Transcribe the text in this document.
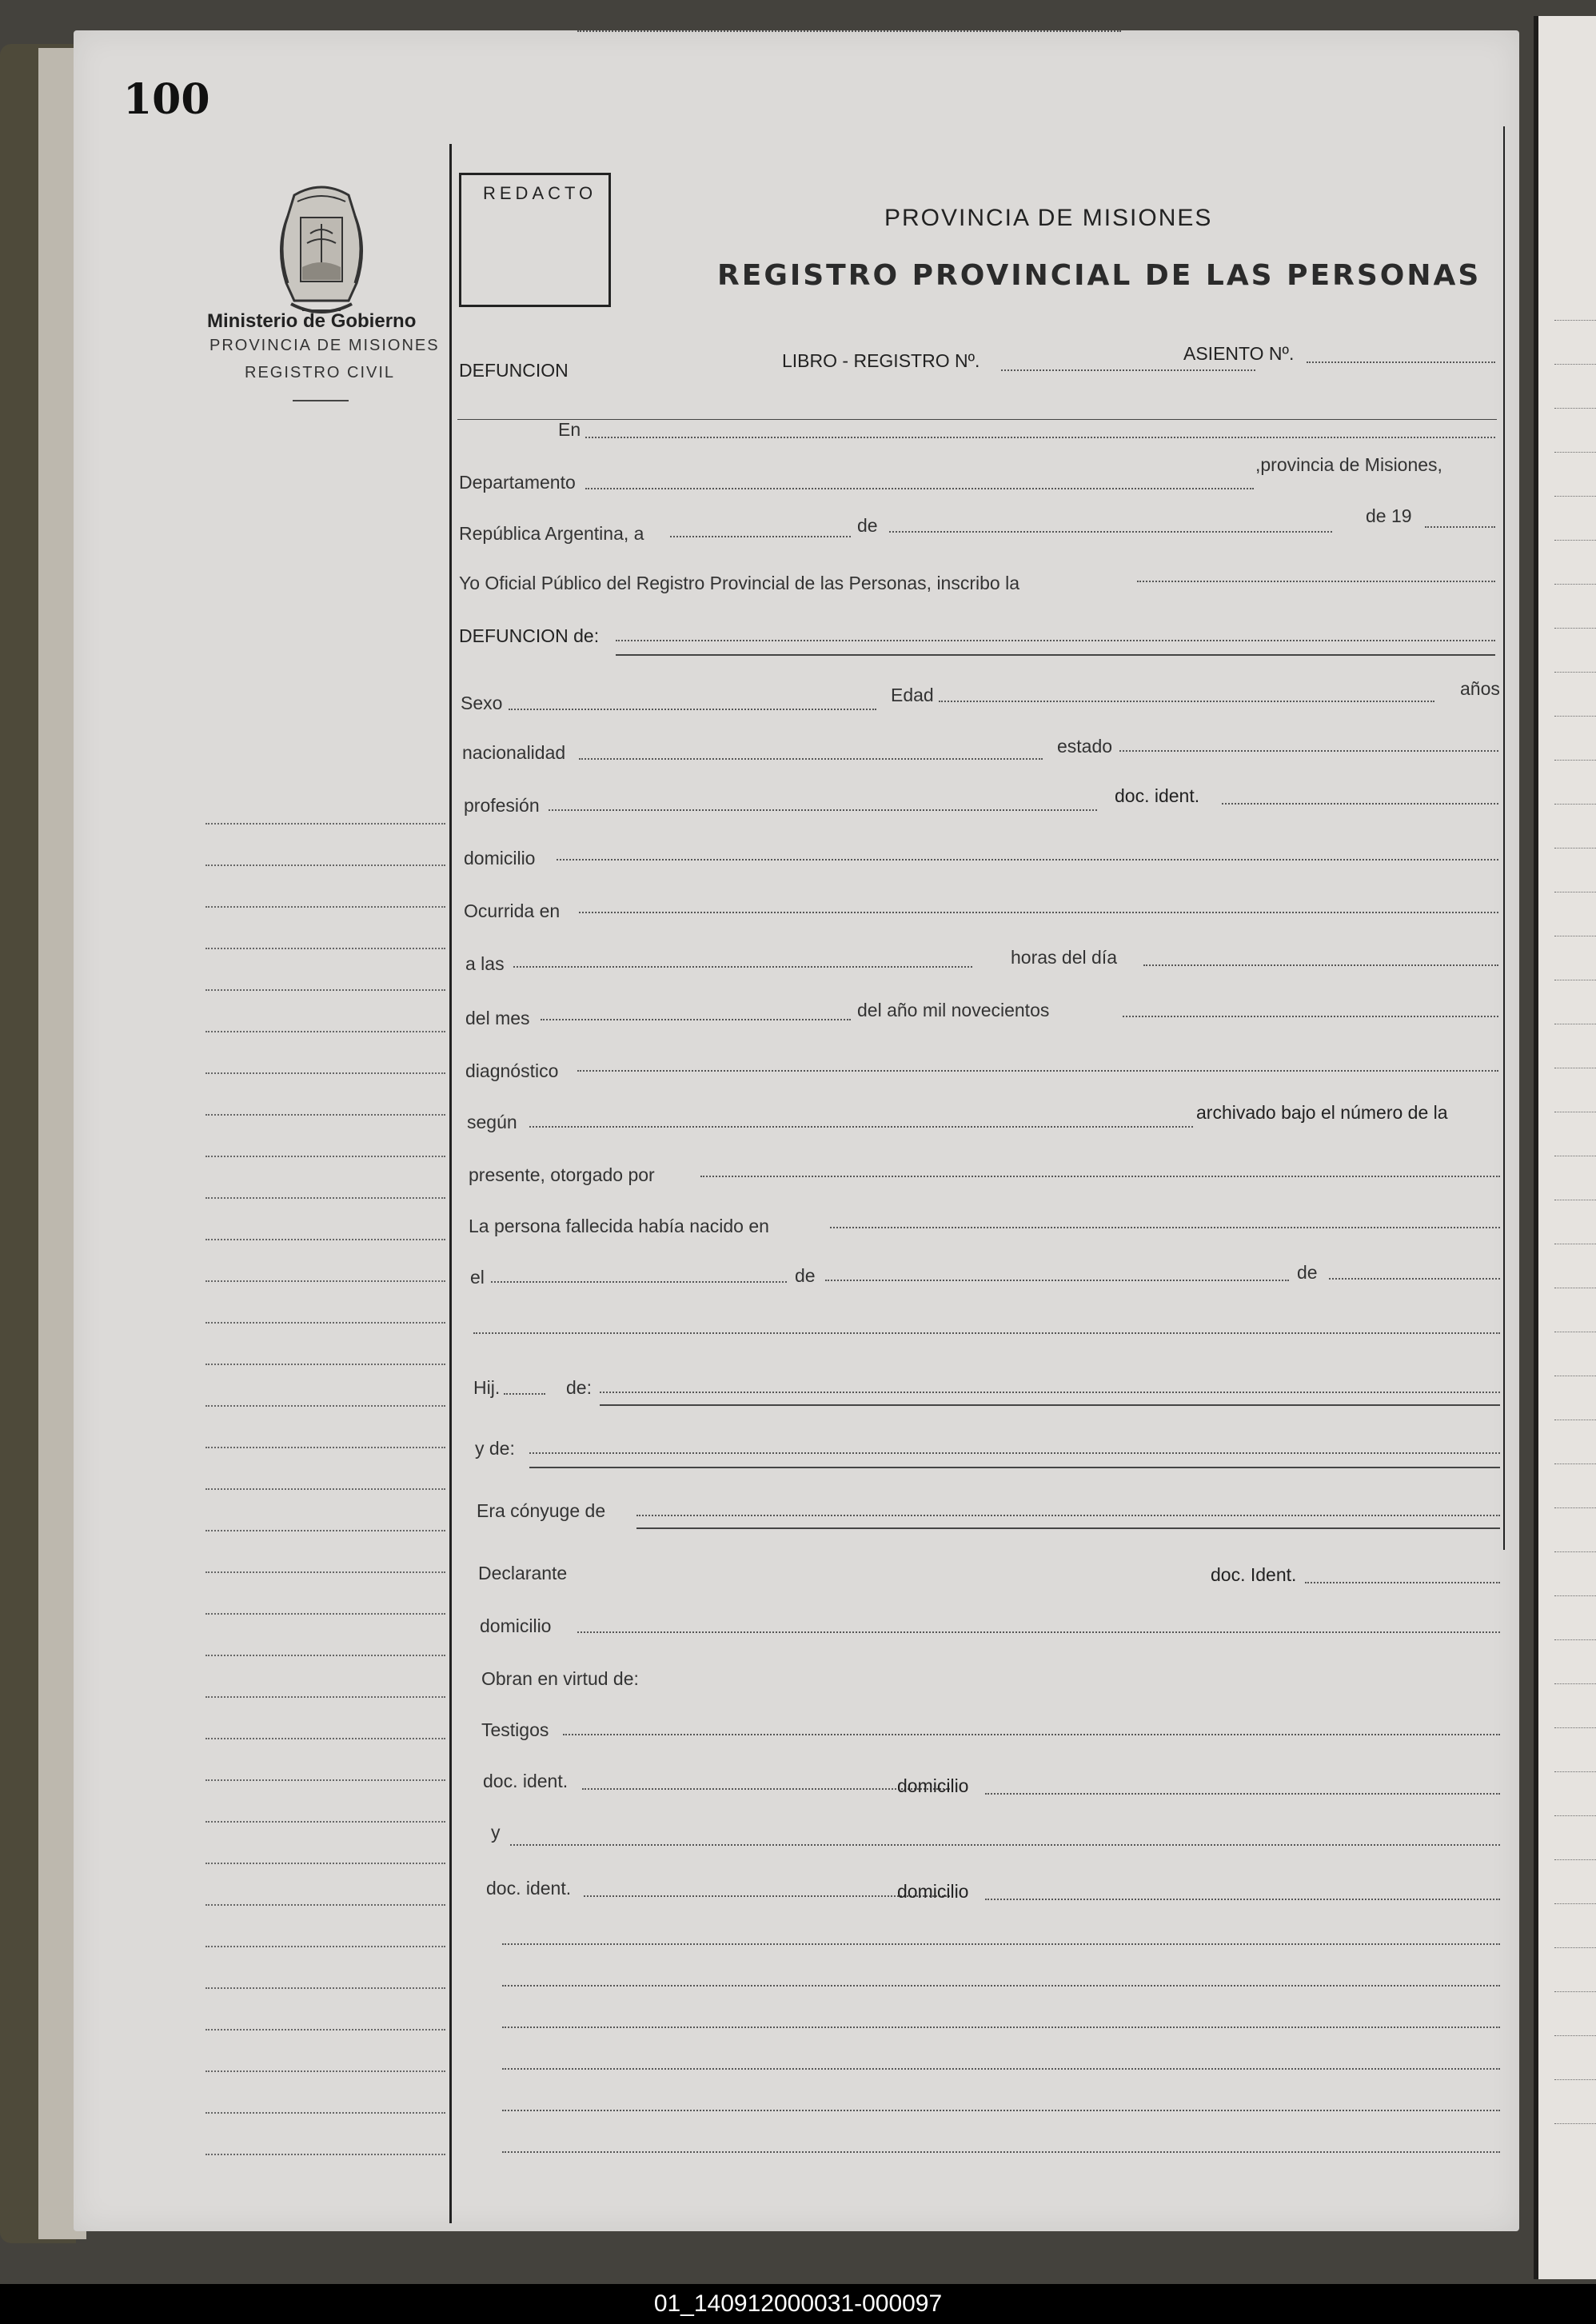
100
Ministerio de Gobierno
PROVINCIA DE MISIONES
REGISTRO CIVIL
REDACTO
PROVINCIA DE MISIONES
REGISTRO PROVINCIAL DE LAS PERSONAS
DEFUNCION	LIBRO - REGISTRO Nº.	ASIENTO Nº.
En
Departamento
,provincia de Misiones,
República Argentina, a	de	de 19
Yo Oficial Público del Registro Provincial de las Personas, inscribo la
DEFUNCION de:
Sexo	Edad	años
nacionalidad	estado
profesión	doc. ident.
domicilio
Ocurrida en
a las	horas del día
del mes	del año mil novecientos
diagnóstico
según	archivado bajo el número de la
presente, otorgado por
La persona fallecida había nacido en
el	de	de
Hij.	de:
y de:
Era cónyuge de
Declarante	doc. Ident.
domicilio
Obran en virtud de:
Testigos
doc. ident.	domicilio
y
doc. ident.	domicilio
01_140912000031-000097
